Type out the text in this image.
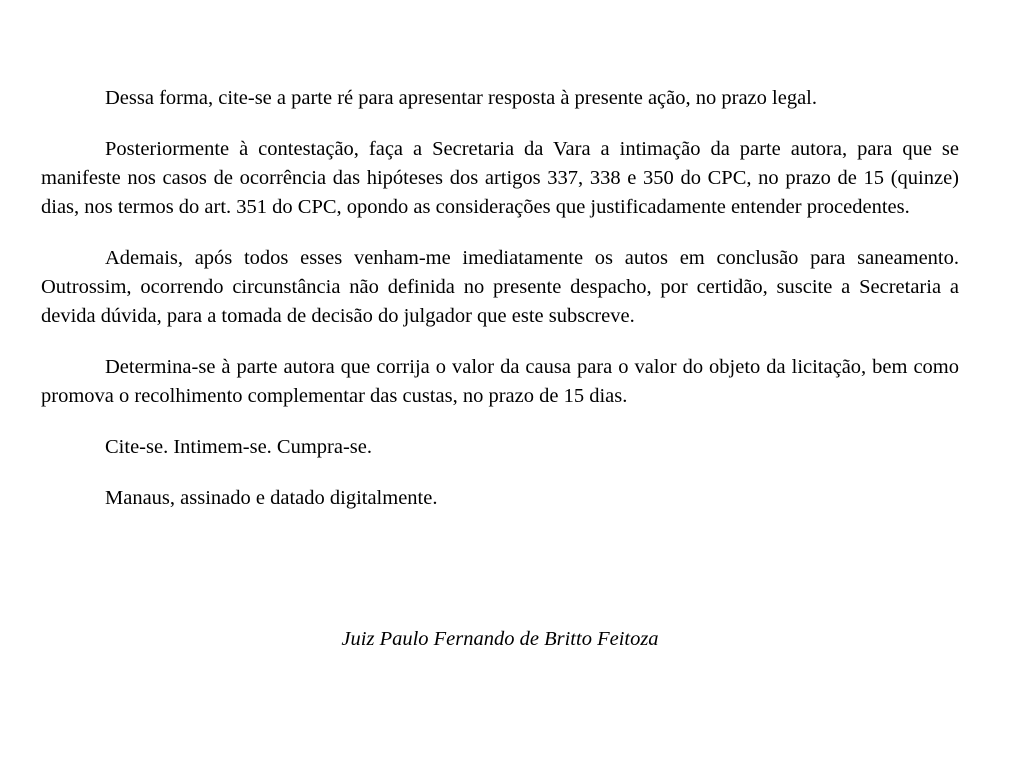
Dessa forma, cite-se a parte ré para apresentar resposta à presente ação, no prazo legal.

Posteriormente à contestação, faça a Secretaria da Vara a intimação da parte autora, para que se manifeste nos casos de ocorrência das hipóteses dos artigos 337, 338 e 350 do CPC, no prazo de 15 (quinze) dias, nos termos do art. 351 do CPC, opondo as considerações que justificadamente entender procedentes.

Ademais, após todos esses venham-me imediatamente os autos em conclusão para saneamento. Outrossim, ocorrendo circunstância não definida no presente despacho, por certidão, suscite a Secretaria a devida dúvida, para a tomada de decisão do julgador que este subscreve.

Determina-se à parte autora que corrija o valor da causa para o valor do objeto da licitação, bem como promova o recolhimento complementar das custas, no prazo de 15 dias.

Cite-se. Intimem-se. Cumpra-se.

Manaus, assinado e datado digitalmente.

Juiz Paulo Fernando de Britto Feitoza
